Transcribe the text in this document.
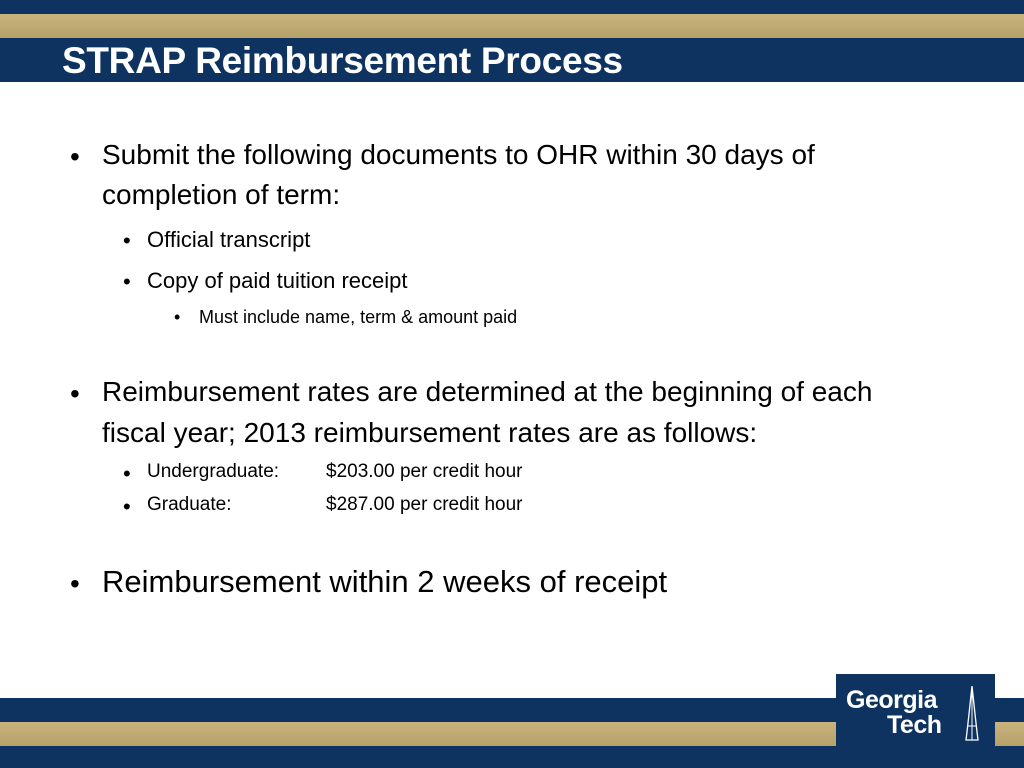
STRAP Reimbursement Process
• Submit the following documents to OHR within 30 days of
completion of term:
• Official transcript
• Copy of paid tuition receipt
• Must include name, term & amount paid
• Reimbursement rates are determined at the beginning of each
fiscal year; 2013 reimbursement rates are as follows:
• Undergraduate: $203.00 per credit hour
• Graduate:	$287.00 per credit hour
• Reimbursement within 2 weeks of receipt
Georgia
Tech
